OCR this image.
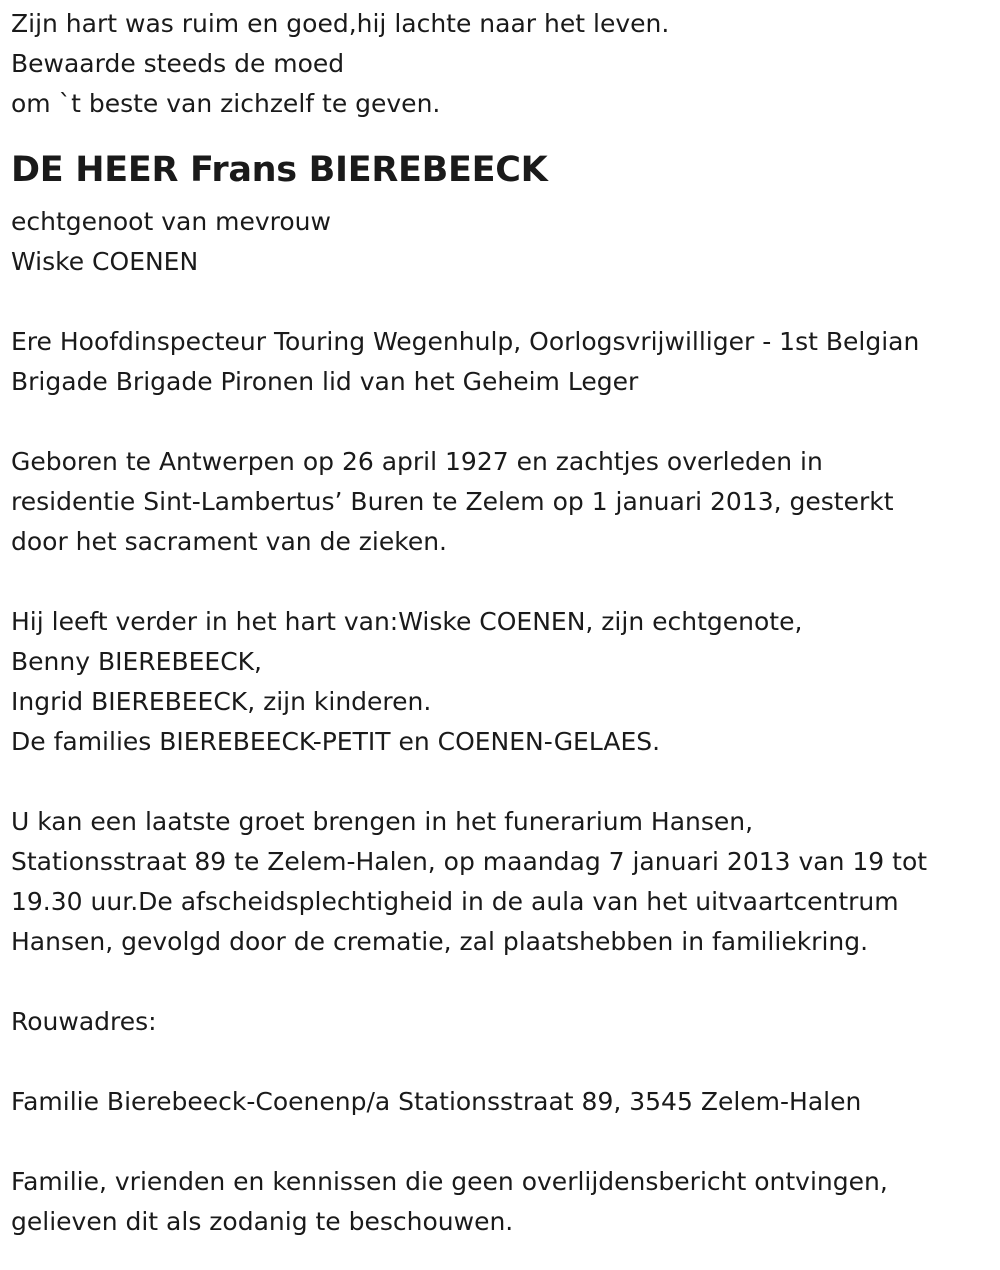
Zijn hart was ruim en goed,hij lachte naar het leven.
Bewaarde steeds de moed
om `t beste van zichzelf te geven.
DE HEER Frans BIEREBEECK
echtgenoot van mevrouw
Wiske COENEN
Ere Hoofdinspecteur Touring Wegenhulp, Oorlogsvrijwilliger - 1st Belgian
Brigade Brigade Pironen lid van het Geheim Leger
Geboren te Antwerpen op 26 april 1927 en zachtjes overleden in
residentie Sint-Lambertus’ Buren te Zelem op 1 januari 2013, gesterkt
door het sacrament van de zieken.
Hij leeft verder in het hart van:Wiske COENEN, zijn echtgenote,
Benny BIEREBEECK,
Ingrid BIEREBEECK, zijn kinderen.
De families BIEREBEECK-PETIT en COENEN-GELAES.
U kan een laatste groet brengen in het funerarium Hansen,
Stationsstraat 89 te Zelem-Halen, op maandag 7 januari 2013 van 19 tot
19.30 uur.De afscheidsplechtigheid in de aula van het uitvaartcentrum
Hansen, gevolgd door de crematie, zal plaatshebben in familiekring.
Rouwadres:
Familie Bierebeeck-Coenenp/a Stationsstraat 89, 3545 Zelem-Halen
Familie, vrienden en kennissen die geen overlijdensbericht ontvingen,
gelieven dit als zodanig te beschouwen.
